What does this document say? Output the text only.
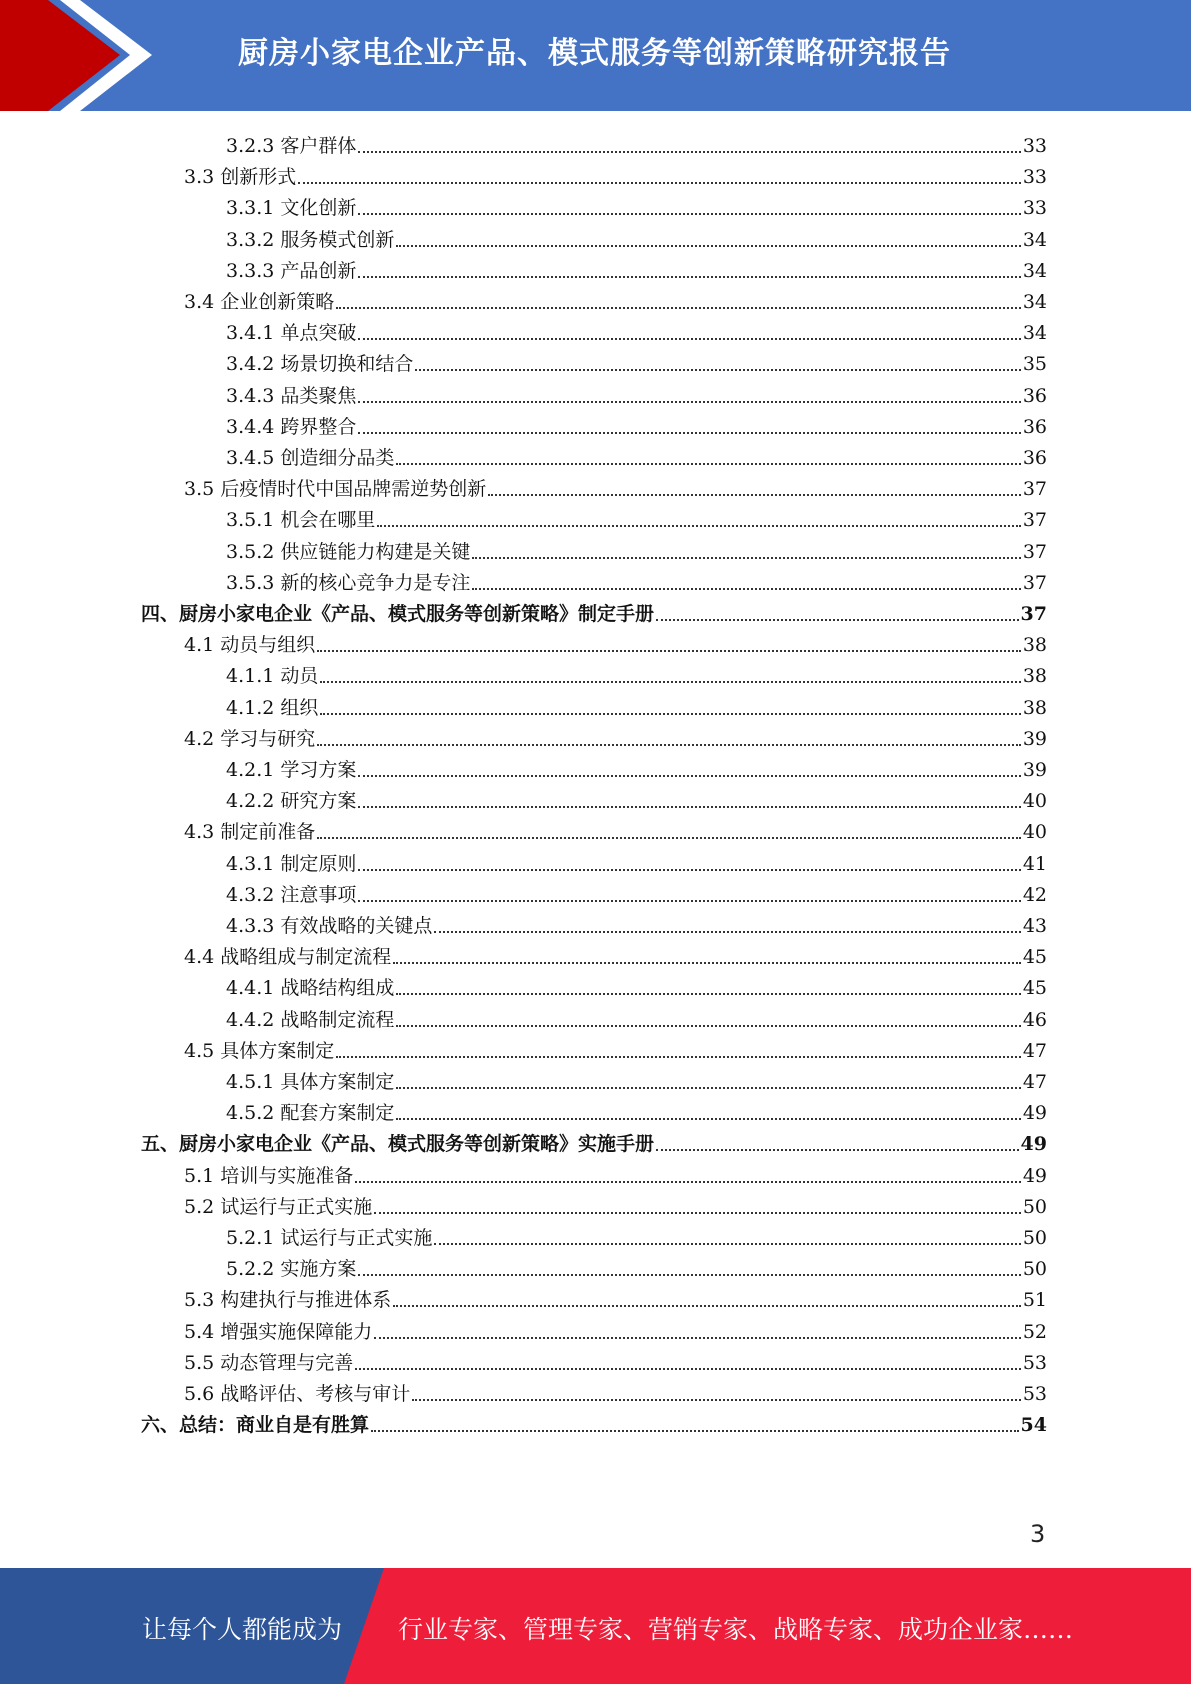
厨房小家电企业产品、模式服务等创新策略研究报告
3.2.3 客户群体	33
3.3 创新形式	33
3.3.1 文化创新	33
3.3.2 服务模式创新	34
3.3.3 产品创新	34
3.4 企业创新策略	34
3.4.1 单点突破	34
3.4.2 场景切换和结合	35
3.4.3 品类聚焦	36
3.4.4 跨界整合	36
3.4.5 创造细分品类	36
3.5 后疫情时代中国品牌需逆势创新	37
3.5.1 机会在哪里	37
3.5.2 供应链能力构建是关键	37
3.5.3 新的核心竞争力是专注	37
四、厨房小家电企业《产品、模式服务等创新策略》制定手册	37
4.1 动员与组织	38
4.1.1 动员	38
4.1.2 组织	38
4.2 学习与研究	39
4.2.1 学习方案	39
4.2.2 研究方案	40
4.3 制定前准备	40
4.3.1 制定原则	41
4.3.2 注意事项	42
4.3.3 有效战略的关键点	43
4.4 战略组成与制定流程	45
4.4.1 战略结构组成	45
4.4.2 战略制定流程	46
4.5 具体方案制定	47
4.5.1 具体方案制定	47
4.5.2 配套方案制定	49
五、厨房小家电企业《产品、模式服务等创新策略》实施手册	49
5.1 培训与实施准备	49
5.2 试运行与正式实施	50
5.2.1 试运行与正式实施	50
5.2.2 实施方案	50
5.3 构建执行与推进体系	51
5.4 增强实施保障能力	52
5.5 动态管理与完善	53
5.6 战略评估、考核与审计	53
六、总结：商业自是有胜算	54
3
让每个人都能成为 行业专家、管理专家、营销专家、战略专家、成功企业家……
